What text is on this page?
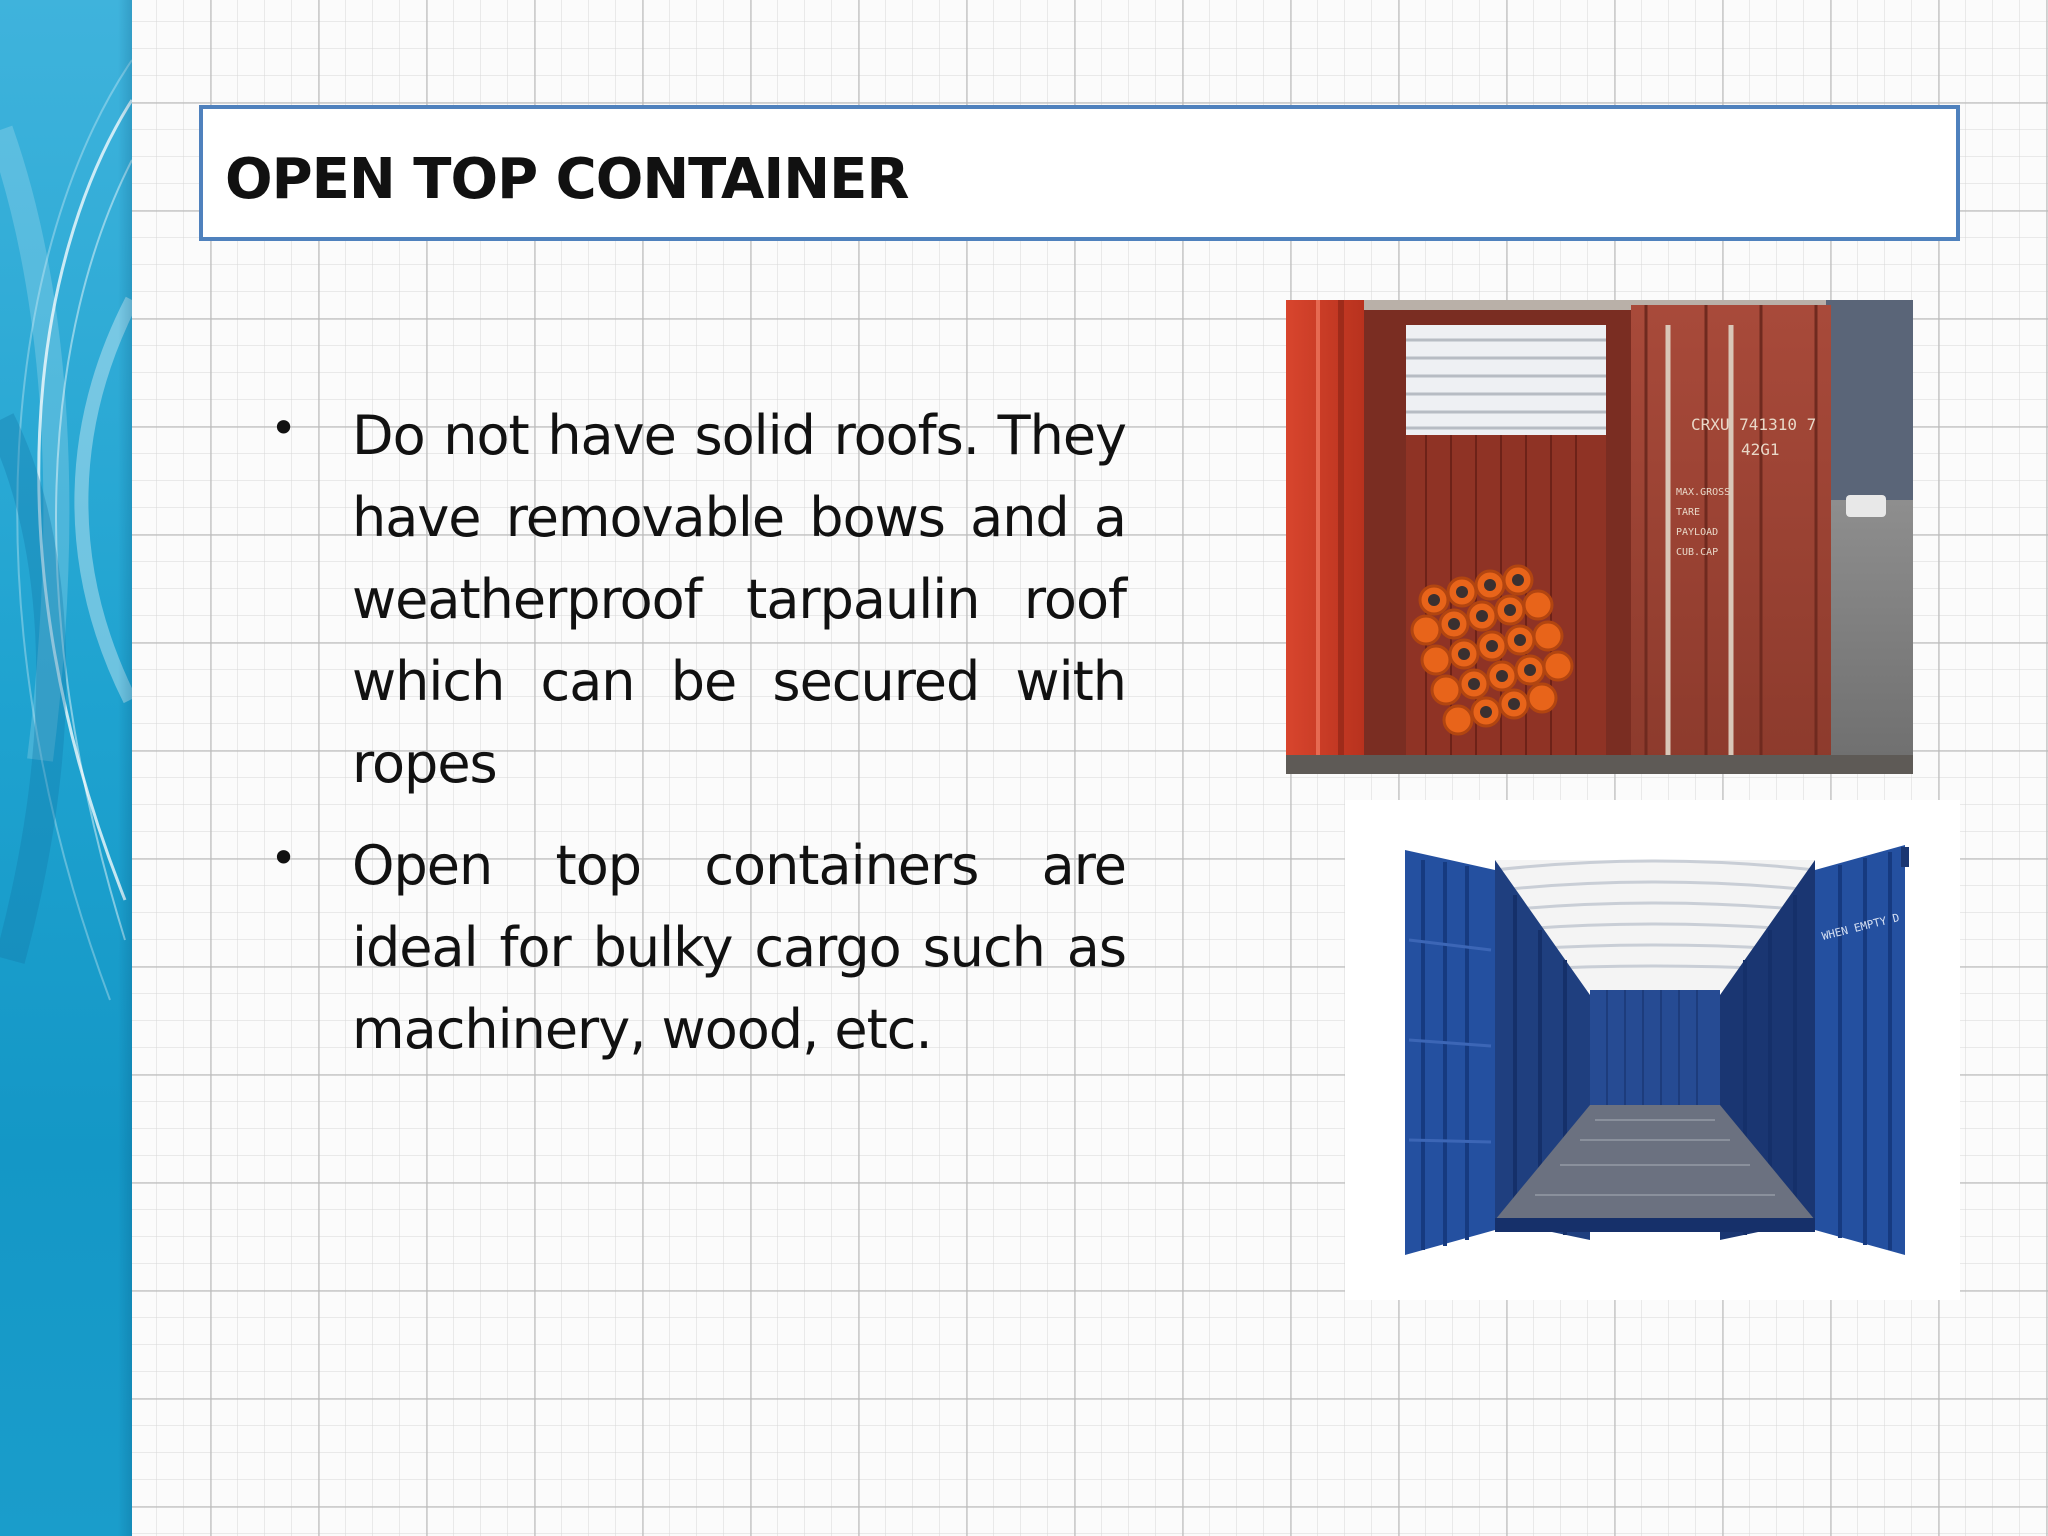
OPEN TOP CONTAINER
• Do not have solid roofs. They have removable bows and a weatherproof tarpaulin roof which can be secured with ropes
• Open top containers are ideal for bulky cargo such as machinery, wood, etc.
CRXU 741310 7
42G1
MAX.GROSS
TARE
PAYLOAD
CUB.CAP
WHEN EMPTY D
